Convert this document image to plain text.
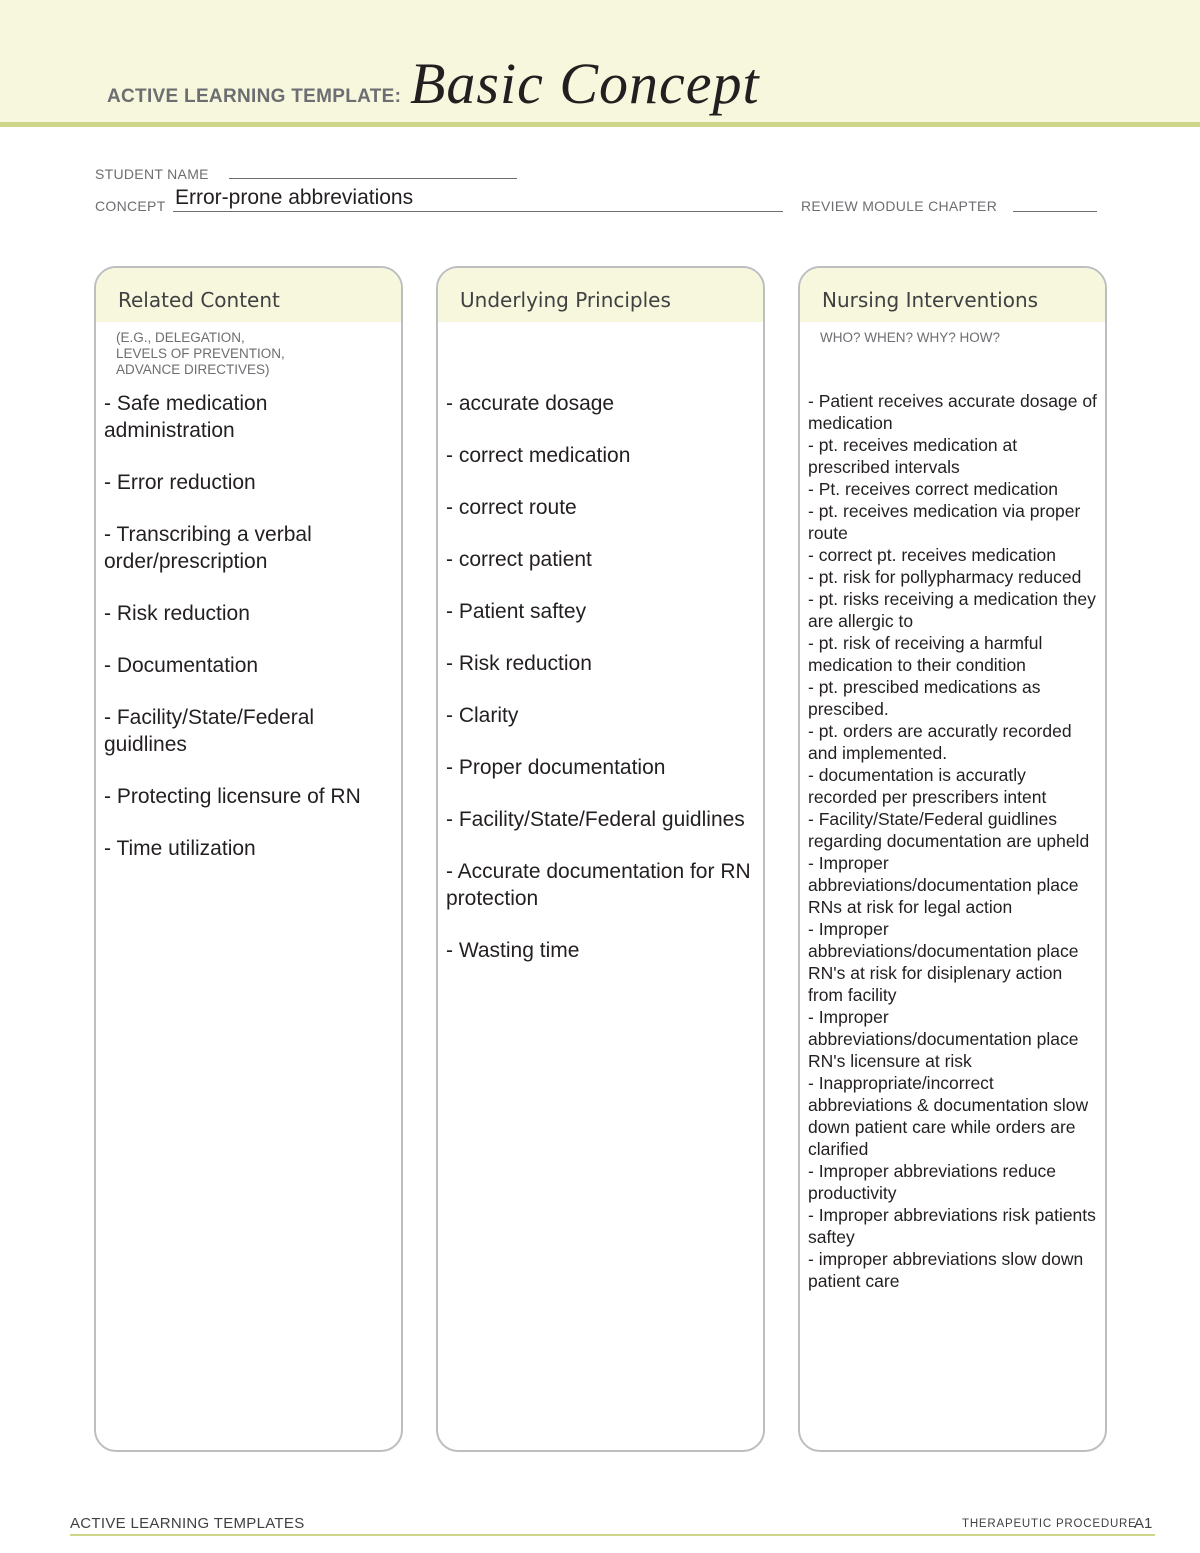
ACTIVE LEARNING TEMPLATE: Basic Concept
STUDENT NAME
CONCEPT Error-prone abbreviations	REVIEW MODULE CHAPTER
Related Content
(E.G., DELEGATION,
LEVELS OF PREVENTION,
ADVANCE DIRECTIVES)
- Safe medication administration
- Error reduction
- Transcribing a verbal order/prescription
- Risk reduction
- Documentation
- Facility/State/Federal guidlines
- Protecting licensure of RN
- Time utilization
Underlying Principles
- accurate dosage
- correct medication
- correct route
- correct patient
- Patient saftey
- Risk reduction
- Clarity
- Proper documentation
- Facility/State/Federal guidlines
- Accurate documentation for RN protection
- Wasting time
Nursing Interventions
WHO? WHEN? WHY? HOW?
- Patient receives accurate dosage of medication
- pt. receives medication at prescribed intervals
- Pt. receives correct medication
- pt. receives medication via proper route
- correct pt. receives medication
- pt. risk for pollypharmacy reduced
- pt. risks receiving a medication they are allergic to
- pt. risk of receiving a harmful medication to their condition
- pt. prescibed medications as prescibed.
- pt. orders are accuratly recorded and implemented.
- documentation is accuratly recorded per prescribers intent
- Facility/State/Federal guidlines regarding documentation are upheld
- Improper abbreviations/documentation place RNs at risk for legal action
- Improper abbreviations/documentation place RN's at risk for disiplenary action from facility
- Improper abbreviations/documentation place RN's licensure at risk
- Inappropriate/incorrect abbreviations & documentation slow down patient care while orders are clarified
- Improper abbreviations reduce productivity
- Improper abbreviations risk patients saftey
- improper abbreviations slow down patient care
ACTIVE LEARNING TEMPLATES	THERAPEUTIC PROCEDURE
A1
